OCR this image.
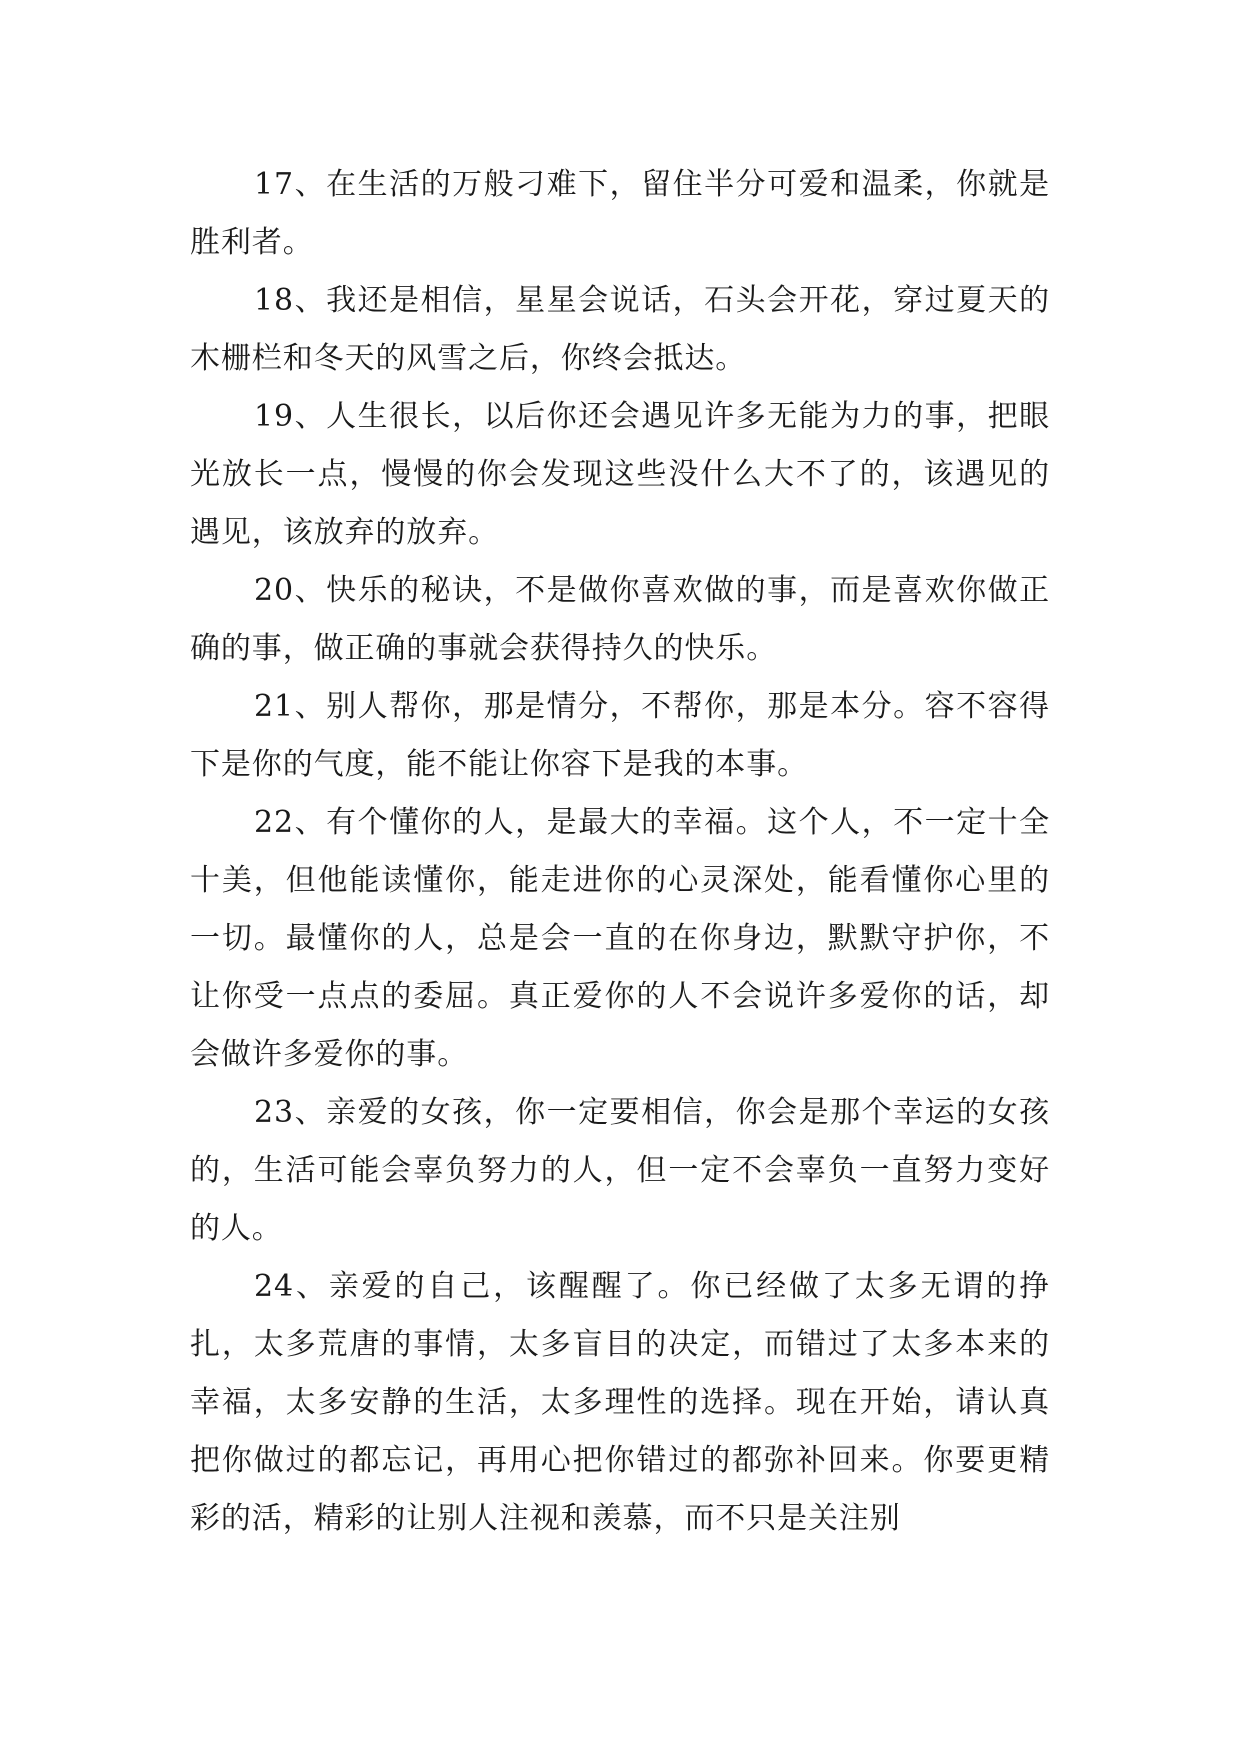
17、在生活的万般刁难下，留住半分可爱和温柔，你就是胜利者。

18、我还是相信，星星会说话，石头会开花，穿过夏天的木栅栏和冬天的风雪之后，你终会抵达。

19、人生很长，以后你还会遇见许多无能为力的事，把眼光放长一点，慢慢的你会发现这些没什么大不了的，该遇见的遇见，该放弃的放弃。

20、快乐的秘诀，不是做你喜欢做的事，而是喜欢你做正确的事，做正确的事就会获得持久的快乐。

21、别人帮你，那是情分，不帮你，那是本分。容不容得下是你的气度，能不能让你容下是我的本事。

22、有个懂你的人，是最大的幸福。这个人，不一定十全十美，但他能读懂你，能走进你的心灵深处，能看懂你心里的一切。最懂你的人，总是会一直的在你身边，默默守护你，不让你受一点点的委屈。真正爱你的人不会说许多爱你的话，却会做许多爱你的事。

23、亲爱的女孩，你一定要相信，你会是那个幸运的女孩的，生活可能会辜负努力的人，但一定不会辜负一直努力变好的人。

24、亲爱的自己，该醒醒了。你已经做了太多无谓的挣扎，太多荒唐的事情，太多盲目的决定，而错过了太多本来的幸福，太多安静的生活，太多理性的选择。现在开始，请认真把你做过的都忘记，再用心把你错过的都弥补回来。你要更精彩的活，精彩的让别人注视和羡慕，而不只是关注别
